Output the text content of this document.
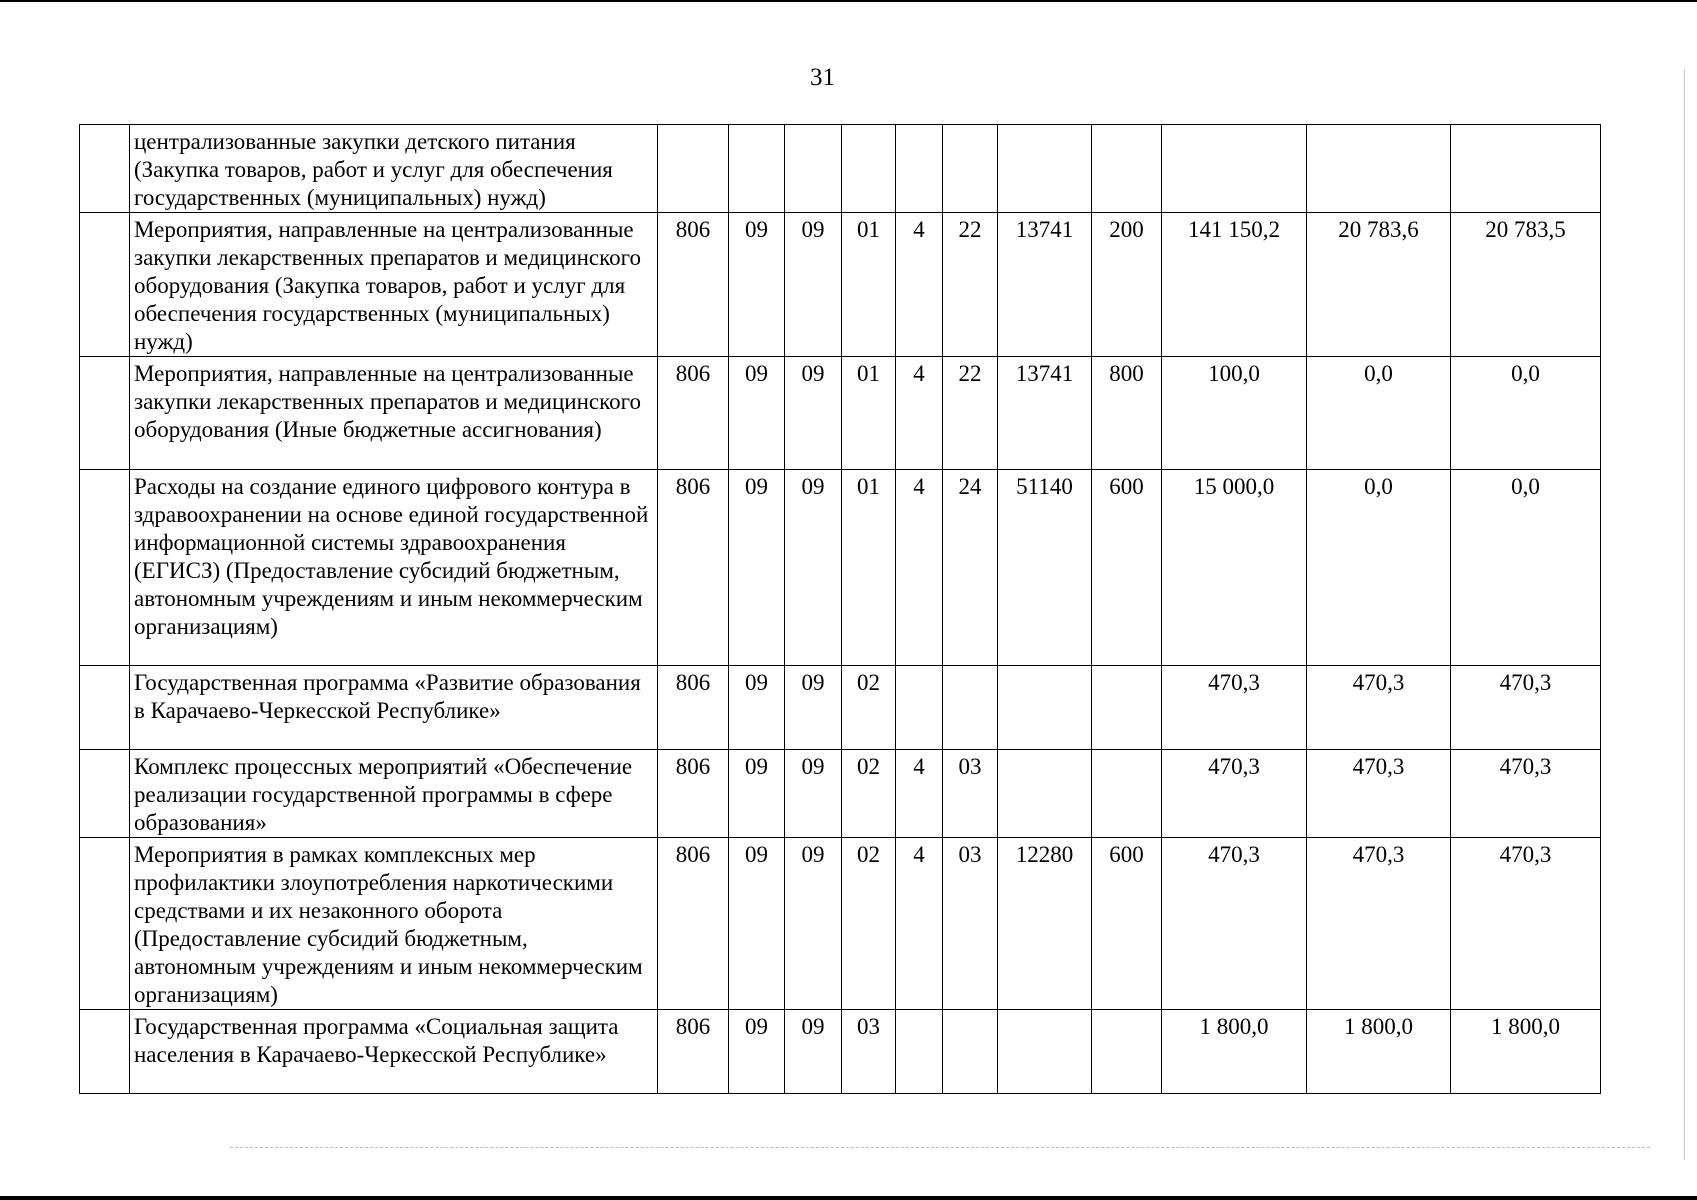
31
	централизованные закупки детского питания (Закупка товаров, работ и услуг для обеспечения государственных (муниципальных) нужд)											
	Мероприятия, направленные на централизованные закупки лекарственных препаратов и медицинского оборудования (Закупка товаров, работ и услуг для обеспечения государственных (муниципальных) нужд)	806	09	09	01	4	22	13741	200	141 150,2	20 783,6	20 783,5
	Мероприятия, направленные на централизованные закупки лекарственных препаратов и медицинского оборудования (Иные бюджетные ассигнования)	806	09	09	01	4	22	13741	800	100,0	0,0	0,0
	Расходы на создание единого цифрового контура в здравоохранении на основе единой государственной информационной системы здравоохранения (ЕГИСЗ) (Предоставление субсидий бюджетным, автономным учреждениям и иным некоммерческим организациям)	806	09	09	01	4	24	51140	600	15 000,0	0,0	0,0
	Государственная программа «Развитие образования в Карачаево-Черкесской Республике»	806	09	09	02					470,3	470,3	470,3
	Комплекс процессных мероприятий «Обеспечение реализации государственной программы в сфере образования»	806	09	09	02	4	03			470,3	470,3	470,3
	Мероприятия в рамках комплексных мер профилактики злоупотребления наркотическими средствами и их незаконного оборота (Предоставление субсидий бюджетным, автономным учреждениям и иным некоммерческим организациям)	806	09	09	02	4	03	12280	600	470,3	470,3	470,3
	Государственная программа «Социальная защита населения в Карачаево-Черкесской Республике»	806	09	09	03					1 800,0	1 800,0	1 800,0
